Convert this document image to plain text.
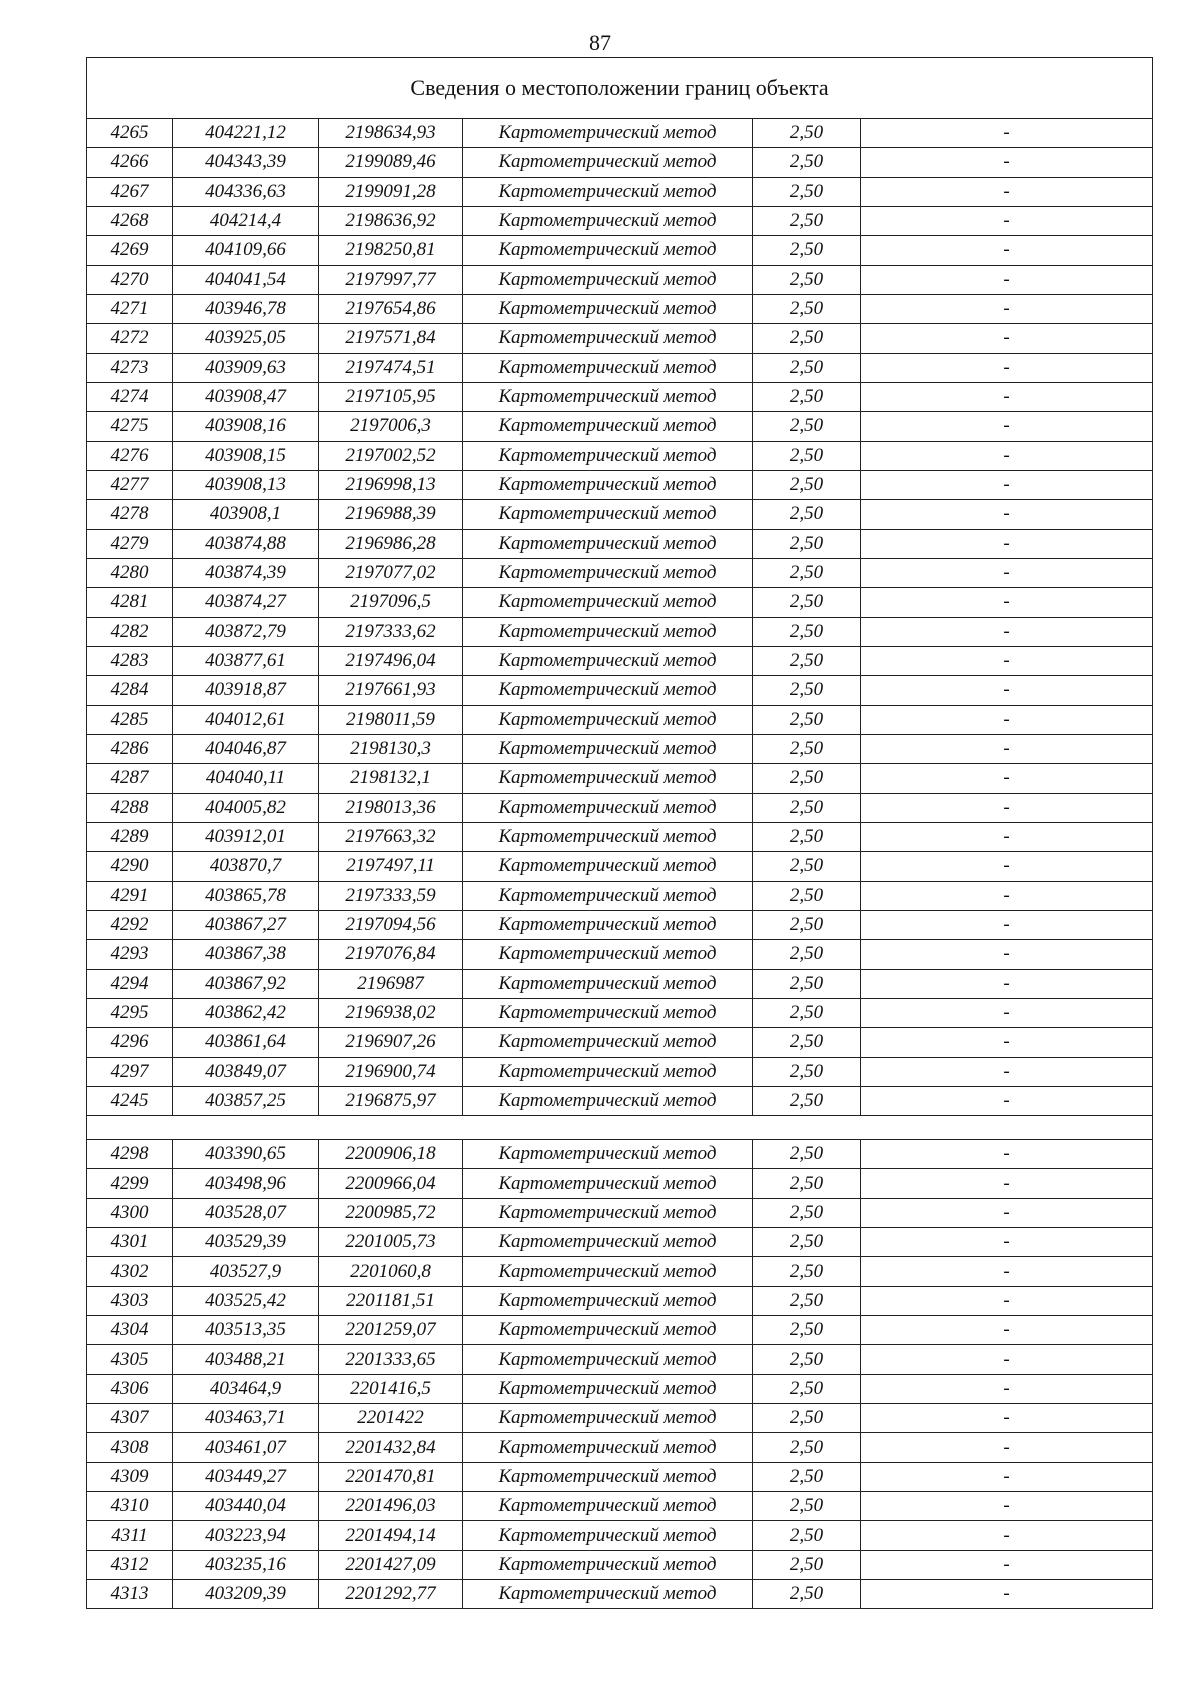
87
Сведения о местоположении границ объекта					
4265	404221,12	2198634,93	Картометрический метод	2,50	-
4266	404343,39	2199089,46	Картометрический метод	2,50	-
4267	404336,63	2199091,28	Картометрический метод	2,50	-
4268	404214,4	2198636,92	Картометрический метод	2,50	-
4269	404109,66	2198250,81	Картометрический метод	2,50	-
4270	404041,54	2197997,77	Картометрический метод	2,50	-
4271	403946,78	2197654,86	Картометрический метод	2,50	-
4272	403925,05	2197571,84	Картометрический метод	2,50	-
4273	403909,63	2197474,51	Картометрический метод	2,50	-
4274	403908,47	2197105,95	Картометрический метод	2,50	-
4275	403908,16	2197006,3	Картометрический метод	2,50	-
4276	403908,15	2197002,52	Картометрический метод	2,50	-
4277	403908,13	2196998,13	Картометрический метод	2,50	-
4278	403908,1	2196988,39	Картометрический метод	2,50	-
4279	403874,88	2196986,28	Картометрический метод	2,50	-
4280	403874,39	2197077,02	Картометрический метод	2,50	-
4281	403874,27	2197096,5	Картометрический метод	2,50	-
4282	403872,79	2197333,62	Картометрический метод	2,50	-
4283	403877,61	2197496,04	Картометрический метод	2,50	-
4284	403918,87	2197661,93	Картометрический метод	2,50	-
4285	404012,61	2198011,59	Картометрический метод	2,50	-
4286	404046,87	2198130,3	Картометрический метод	2,50	-
4287	404040,11	2198132,1	Картометрический метод	2,50	-
4288	404005,82	2198013,36	Картометрический метод	2,50	-
4289	403912,01	2197663,32	Картометрический метод	2,50	-
4290	403870,7	2197497,11	Картометрический метод	2,50	-
4291	403865,78	2197333,59	Картометрический метод	2,50	-
4292	403867,27	2197094,56	Картометрический метод	2,50	-
4293	403867,38	2197076,84	Картометрический метод	2,50	-
4294	403867,92	2196987	Картометрический метод	2,50	-
4295	403862,42	2196938,02	Картометрический метод	2,50	-
4296	403861,64	2196907,26	Картометрический метод	2,50	-
4297	403849,07	2196900,74	Картометрический метод	2,50	-
4245	403857,25	2196875,97	Картометрический метод	2,50	-

4298	403390,65	2200906,18	Картометрический метод	2,50	-
4299	403498,96	2200966,04	Картометрический метод	2,50	-
4300	403528,07	2200985,72	Картометрический метод	2,50	-
4301	403529,39	2201005,73	Картометрический метод	2,50	-
4302	403527,9	2201060,8	Картометрический метод	2,50	-
4303	403525,42	2201181,51	Картометрический метод	2,50	-
4304	403513,35	2201259,07	Картометрический метод	2,50	-
4305	403488,21	2201333,65	Картометрический метод	2,50	-
4306	403464,9	2201416,5	Картометрический метод	2,50	-
4307	403463,71	2201422	Картометрический метод	2,50	-
4308	403461,07	2201432,84	Картометрический метод	2,50	-
4309	403449,27	2201470,81	Картометрический метод	2,50	-
4310	403440,04	2201496,03	Картометрический метод	2,50	-
4311	403223,94	2201494,14	Картометрический метод	2,50	-
4312	403235,16	2201427,09	Картометрический метод	2,50	-
4313	403209,39	2201292,77	Картометрический метод	2,50	-
